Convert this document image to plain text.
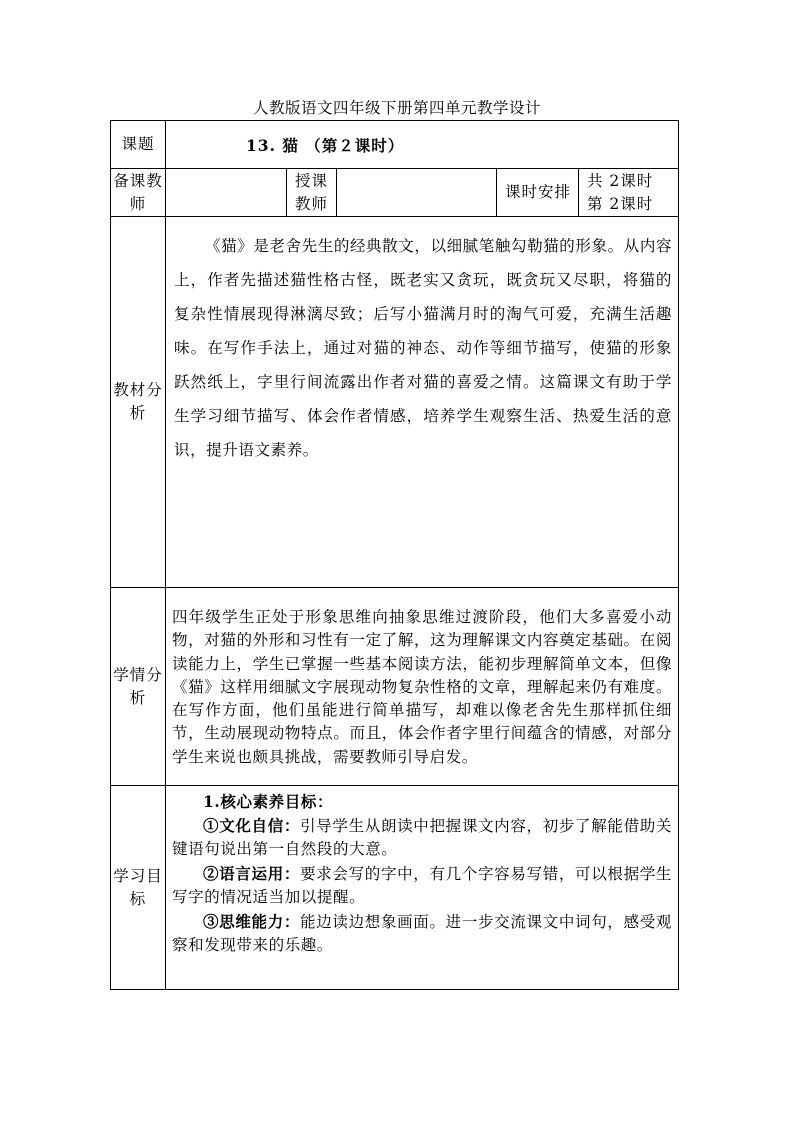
人教版语文四年级下册第四单元教学设计
课题	13. 猫 （第２课时）				
备课教师		授课教师		课时安排	共 2课时
第 2课时

教材分析	《猫》是老舍先生的经典散文，以细腻笔触勾勒猫的形象。从内容上，作者先描述猫性格古怪，既老实又贪玩，既贪玩又尽职，将猫的复杂性情展现得淋漓尽致；后写小猫满月时的淘气可爱，充满生活趣味。在写作手法上，通过对猫的神态、动作等细节描写，使猫的形象跃然纸上，字里行间流露出作者对猫的喜爱之情。这篇课文有助于学生学习细节描写、体会作者情感，培养学生观察生活、热爱生活的意识，提升语文素养。				
学情分析	四年级学生正处于形象思维向抽象思维过渡阶段，他们大多喜爱小动物，对猫的外形和习性有一定了解，这为理解课文内容奠定基础。在阅读能力上，学生已掌握一些基本阅读方法，能初步理解简单文本，但像《猫》这样用细腻文字展现动物复杂性格的文章，理解起来仍有难度。在写作方面，他们虽能进行简单描写，却难以像老舍先生那样抓住细节，生动展现动物特点。而且，体会作者字里行间蕴含的情感，对部分学生来说也颇具挑战，需要教师引导启发。				
学习目标	1.核心素养目标：

①文化自信：引导学生从朗读中把握课文内容，初步了解能借助关键语句说出第一自然段的大意。

②语言运用：要求会写的字中，有几个字容易写错，可以根据学生写字的情况适当加以提醒。

③思维能力：能边读边想象画面。进一步交流课文中词句，感受观察和发现带来的乐趣。				
